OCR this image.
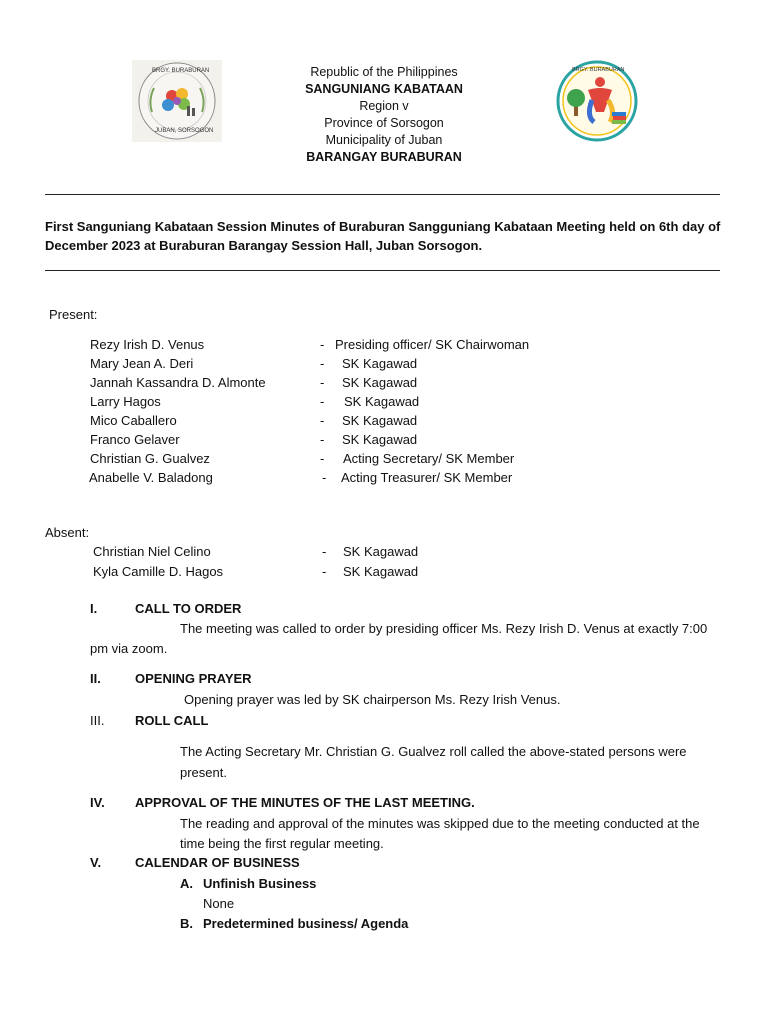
BRGY. BURABURAN
JUBAN, SORSOGON
Republic of the Philippines
SANGUNIANG KABATAAN
Region v
Province of Sorsogon
Municipality of Juban
BARANGAY BURABURAN
BRGY. BURABURAN
First Sanguniang Kabataan Session Minutes of Buraburan Sangguniang Kabataan Meeting held on 6th day of December 2023 at Buraburan Barangay Session Hall, Juban Sorsogon.
Present:
Rezy Irish D. Venus	- Presiding officer/ SK Chairwoman
Mary Jean A. Deri	- SK Kagawad
Jannah Kassandra D. Almonte	- SK Kagawad
Larry Hagos	- SK Kagawad
Mico Caballero	- SK Kagawad
Franco Gelaver	- SK Kagawad
Christian G. Gualvez	- Acting Secretary/ SK Member
Anabelle V. Baladong	- Acting Treasurer/ SK Member
Absent:
Christian Niel Celino	- SK Kagawad
Kyla Camille D. Hagos	- SK Kagawad
I.	CALL TO ORDER
The meeting was called to order by presiding officer Ms. Rezy Irish D. Venus at exactly 7:00 pm via zoom.
II.	OPENING PRAYER
Opening prayer was led by SK chairperson Ms. Rezy Irish Venus.
III. ROLL CALL
The Acting Secretary Mr. Christian G. Gualvez roll called the above-stated persons were present.
IV. APPROVAL OF THE MINUTES OF THE LAST MEETING.
The reading and approval of the minutes was skipped due to the meeting conducted at the time being the first regular meeting.
V.	CALENDAR OF BUSINESS
A. Unfinish Business
None
B. Predetermined business/ Agenda
